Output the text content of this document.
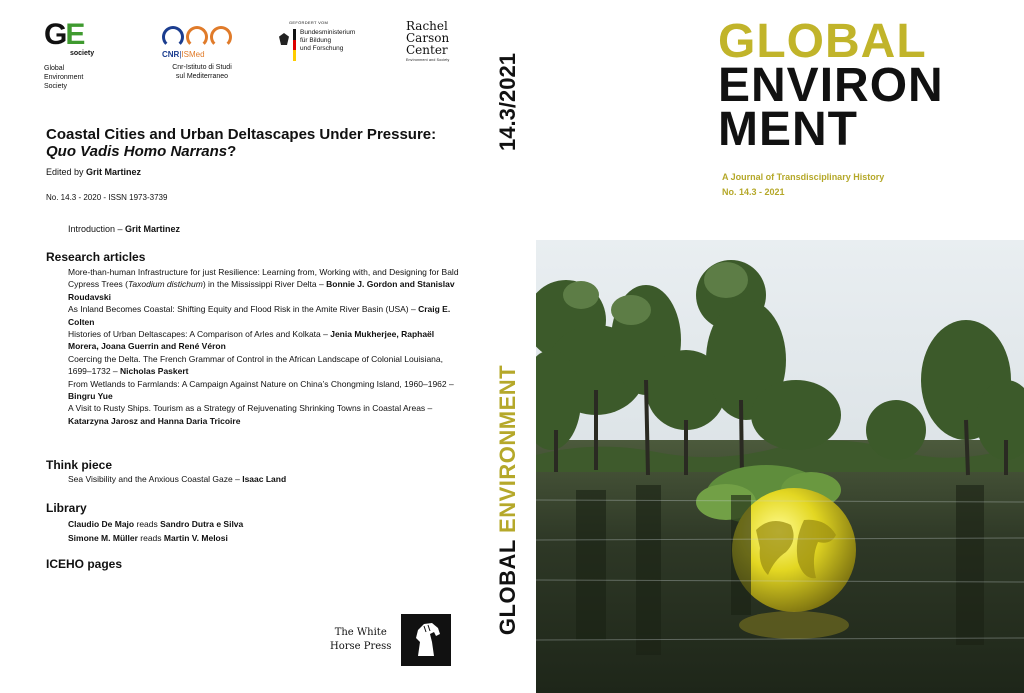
GE
society
Global
Environment
Society
CNR|ISMed
Cnr-Istituto di Studi
sul Mediterraneo
GEFÖRDERT VOM
Bundesministerium
für Bildung
und Forschung
Rachel
Carson
Center
Environment and Society
Coastal Cities and Urban Deltascapes Under Pressure: Quo Vadis Homo Narrans?
Edited by Grit Martinez
No. 14.3 - 2020 - ISSN 1973-3739
Introduction – Grit Martinez
Research articles
More-than-human Infrastructure for just Resilience: Learning from, Working with, and Designing for Bald Cypress Trees (Taxodium distichum) in the Mississippi River Delta – Bonnie J. Gordon and Stanislav Roudavski
As Inland Becomes Coastal: Shifting Equity and Flood Risk in the Amite River Basin (USA) – Craig E. Colten
Histories of Urban Deltascapes: A Comparison of Arles and Kolkata – Jenia Mukherjee, Raphaël Morera, Joana Guerrin and René Véron
Coercing the Delta. The French Grammar of Control in the African Landscape of Colonial Louisiana, 1699–1732 – Nicholas Paskert
From Wetlands to Farmlands: A Campaign Against Nature on China’s Chongming Island, 1960–1962 – Bingru Yue
A Visit to Rusty Ships. Tourism as a Strategy of Rejuvenating Shrinking Towns in Coastal Areas – Katarzyna Jarosz and Hanna Daria Tricoire
Think piece
Sea Visibility and the Anxious Coastal Gaze – Isaac Land
Library
Claudio De Majo reads Sandro Dutra e Silva
Simone M. Müller reads Martin V. Melosi
ICEHO pages
The White
Horse Press
14.3/2021
GLOBAL ENVIRONMENT
GLOBAL
ENVIRON
MENT
A Journal of Transdisciplinary History
No. 14.3 - 2021
